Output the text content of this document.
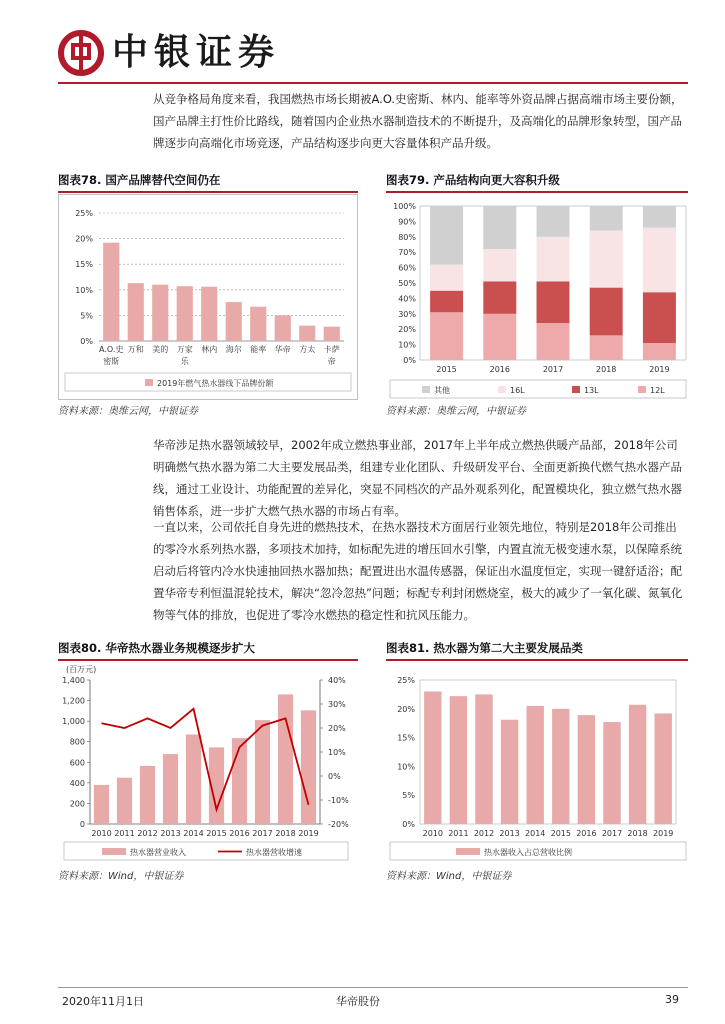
中银证券

从竞争格局角度来看，我国燃热市场长期被A.O.史密斯、林内、能率等外资品牌占据高端市场主要份额，国产品牌主打性价比路线，随着国内企业热水器制造技术的不断提升，及高端化的品牌形象转型，国产品牌逐步向高端化市场竞逐，产品结构逐步向更大容量体积产品升级。

图表78. 国产品牌替代空间仍在
0%
5%
10%
15%
20%
25%
A.O.史
密斯
万和 美的 万家
乐
林内 海尔 能率 华帝 方太 卡萨
帝
2019年燃气热水器线下品牌份额
资料来源：奥维云网，中银证券
图表79. 产品结构向更大容积升级
0%
10%
20%
30%
40%
50%
60%
70%
80%
90%
100%
2015	2016	2017	2018	2019
其他	16L	13L	12L
资料来源：奥维云网，中银证券

华帝涉足热水器领域较早，2002年成立燃热事业部，2017年上半年成立燃热供暖产品部，2018年公司明确燃气热水器为第二大主要发展品类，组建专业化团队、升级研发平台、全面更新换代燃气热水器产品线，通过工业设计、功能配置的差异化，突显不同档次的产品外观系列化，配置模块化，独立燃气热水器销售体系，进一步扩大燃气热水器的市场占有率。

一直以来，公司依托自身先进的燃热技术，在热水器技术方面居行业领先地位，特别是2018年公司推出的零冷水系列热水器，多项技术加持，如标配先进的增压回水引擎，内置直流无极变速水泵，以保障系统启动后将管内冷水快速抽回热水器加热；配置进出水温传感器，保证出水温度恒定，实现一键舒适浴；配置华帝专利恒温混轮技术，解决“忽冷忽热”问题；标配专利封闭燃烧室，极大的减少了一氧化碳、氮氧化物等气体的排放，也促进了零冷水燃热的稳定性和抗风压能力。

图表80. 华帝热水器业务规模逐步扩大
(百万元)
0
200
400
600
800
1,000
1,200
1,400
-20%
-10%
0%
10%
20%
30%
40%
2010 2011 2012 2013 2014 2015 2016 2017 2018 2019
热水器营业收入	热水器营收增速
资料来源：Wind，中银证券
图表81. 热水器为第二大主要发展品类
0%
5%
10%
15%
20%
25%
2010 2011 2012 2013 2014 2015 2016 2017 2018 2019
热水器收入占总营收比例
资料来源：Wind，中银证券
2020年11月1日	华帝股份	39
